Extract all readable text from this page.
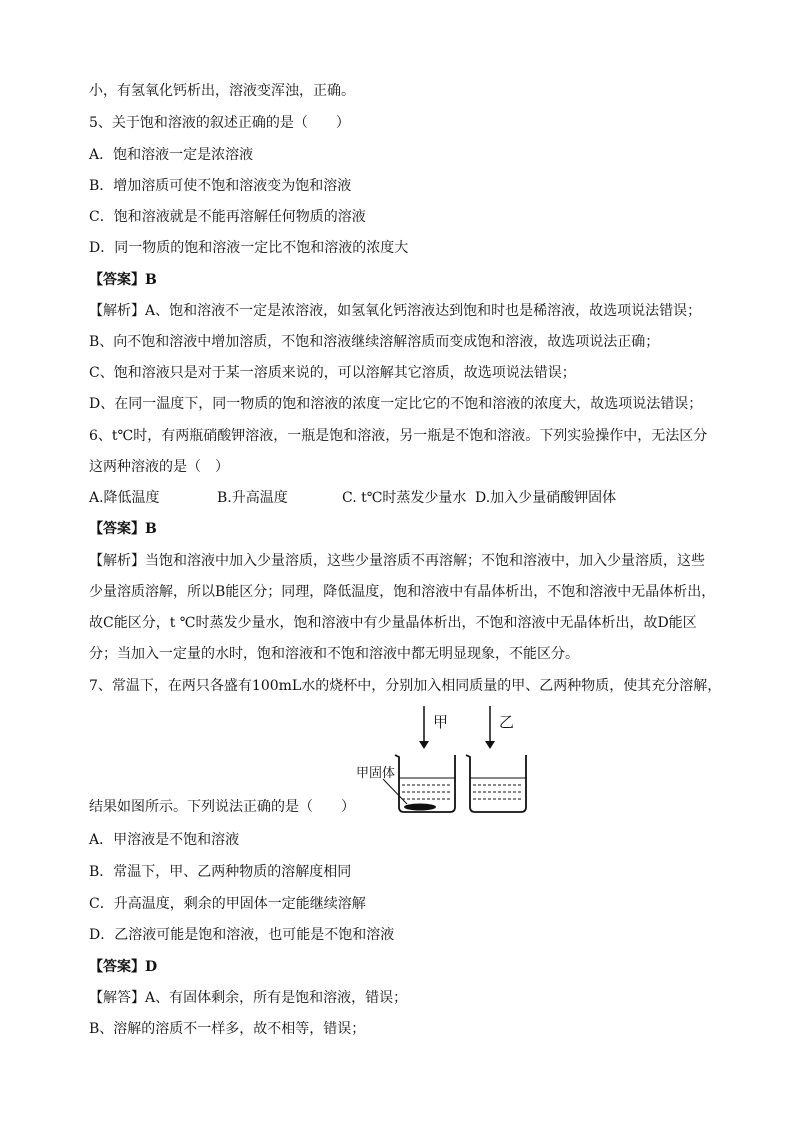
小，有氢氧化钙析出，溶液变浑浊，正确。
5、关于饱和溶液的叙述正确的是（　　）
A．饱和溶液一定是浓溶液
B．增加溶质可使不饱和溶液变为饱和溶液
C．饱和溶液就是不能再溶解任何物质的溶液
D．同一物质的饱和溶液一定比不饱和溶液的浓度大
【答案】B
【解析】A、饱和溶液不一定是浓溶液，如氢氧化钙溶液达到饱和时也是稀溶液，故选项说法错误；
B、向不饱和溶液中增加溶质，不饱和溶液继续溶解溶质而变成饱和溶液，故选项说法正确；
C、饱和溶液只是对于某一溶质来说的，可以溶解其它溶质，故选项说法错误；
D、在同一温度下，同一物质的饱和溶液的浓度一定比它的不饱和溶液的浓度大，故选项说法错误；
6、t℃时，有两瓶硝酸钾溶液，一瓶是饱和溶液，另一瓶是不饱和溶液。下列实验操作中，无法区分
这两种溶液的是（　）
A.降低温度	B.升高温度	C. t℃时蒸发少量水 D.加入少量硝酸钾固体
【答案】B
【解析】当饱和溶液中加入少量溶质，这些少量溶质不再溶解；不饱和溶液中，加入少量溶质，这些
少量溶质溶解，所以B能区分；同理，降低温度，饱和溶液中有晶体析出，不饱和溶液中无晶体析出，
故C能区分，t ℃时蒸发少量水，饱和溶液中有少量晶体析出，不饱和溶液中无晶体析出，故D能区
分；当加入一定量的水时，饱和溶液和不饱和溶液中都无明显现象，不能区分。
7、常温下，在两只各盛有100mL水的烧杯中，分别加入相同质量的甲、乙两种物质，使其充分溶解，
甲	乙
甲固体
结果如图所示。下列说法正确的是（　　）
A．甲溶液是不饱和溶液
B．常温下，甲、乙两种物质的溶解度相同
C．升高温度，剩余的甲固体一定能继续溶解
D．乙溶液可能是饱和溶液，也可能是不饱和溶液
【答案】D
【解答】A、有固体剩余，所有是饱和溶液，错误；
B、溶解的溶质不一样多，故不相等，错误；
